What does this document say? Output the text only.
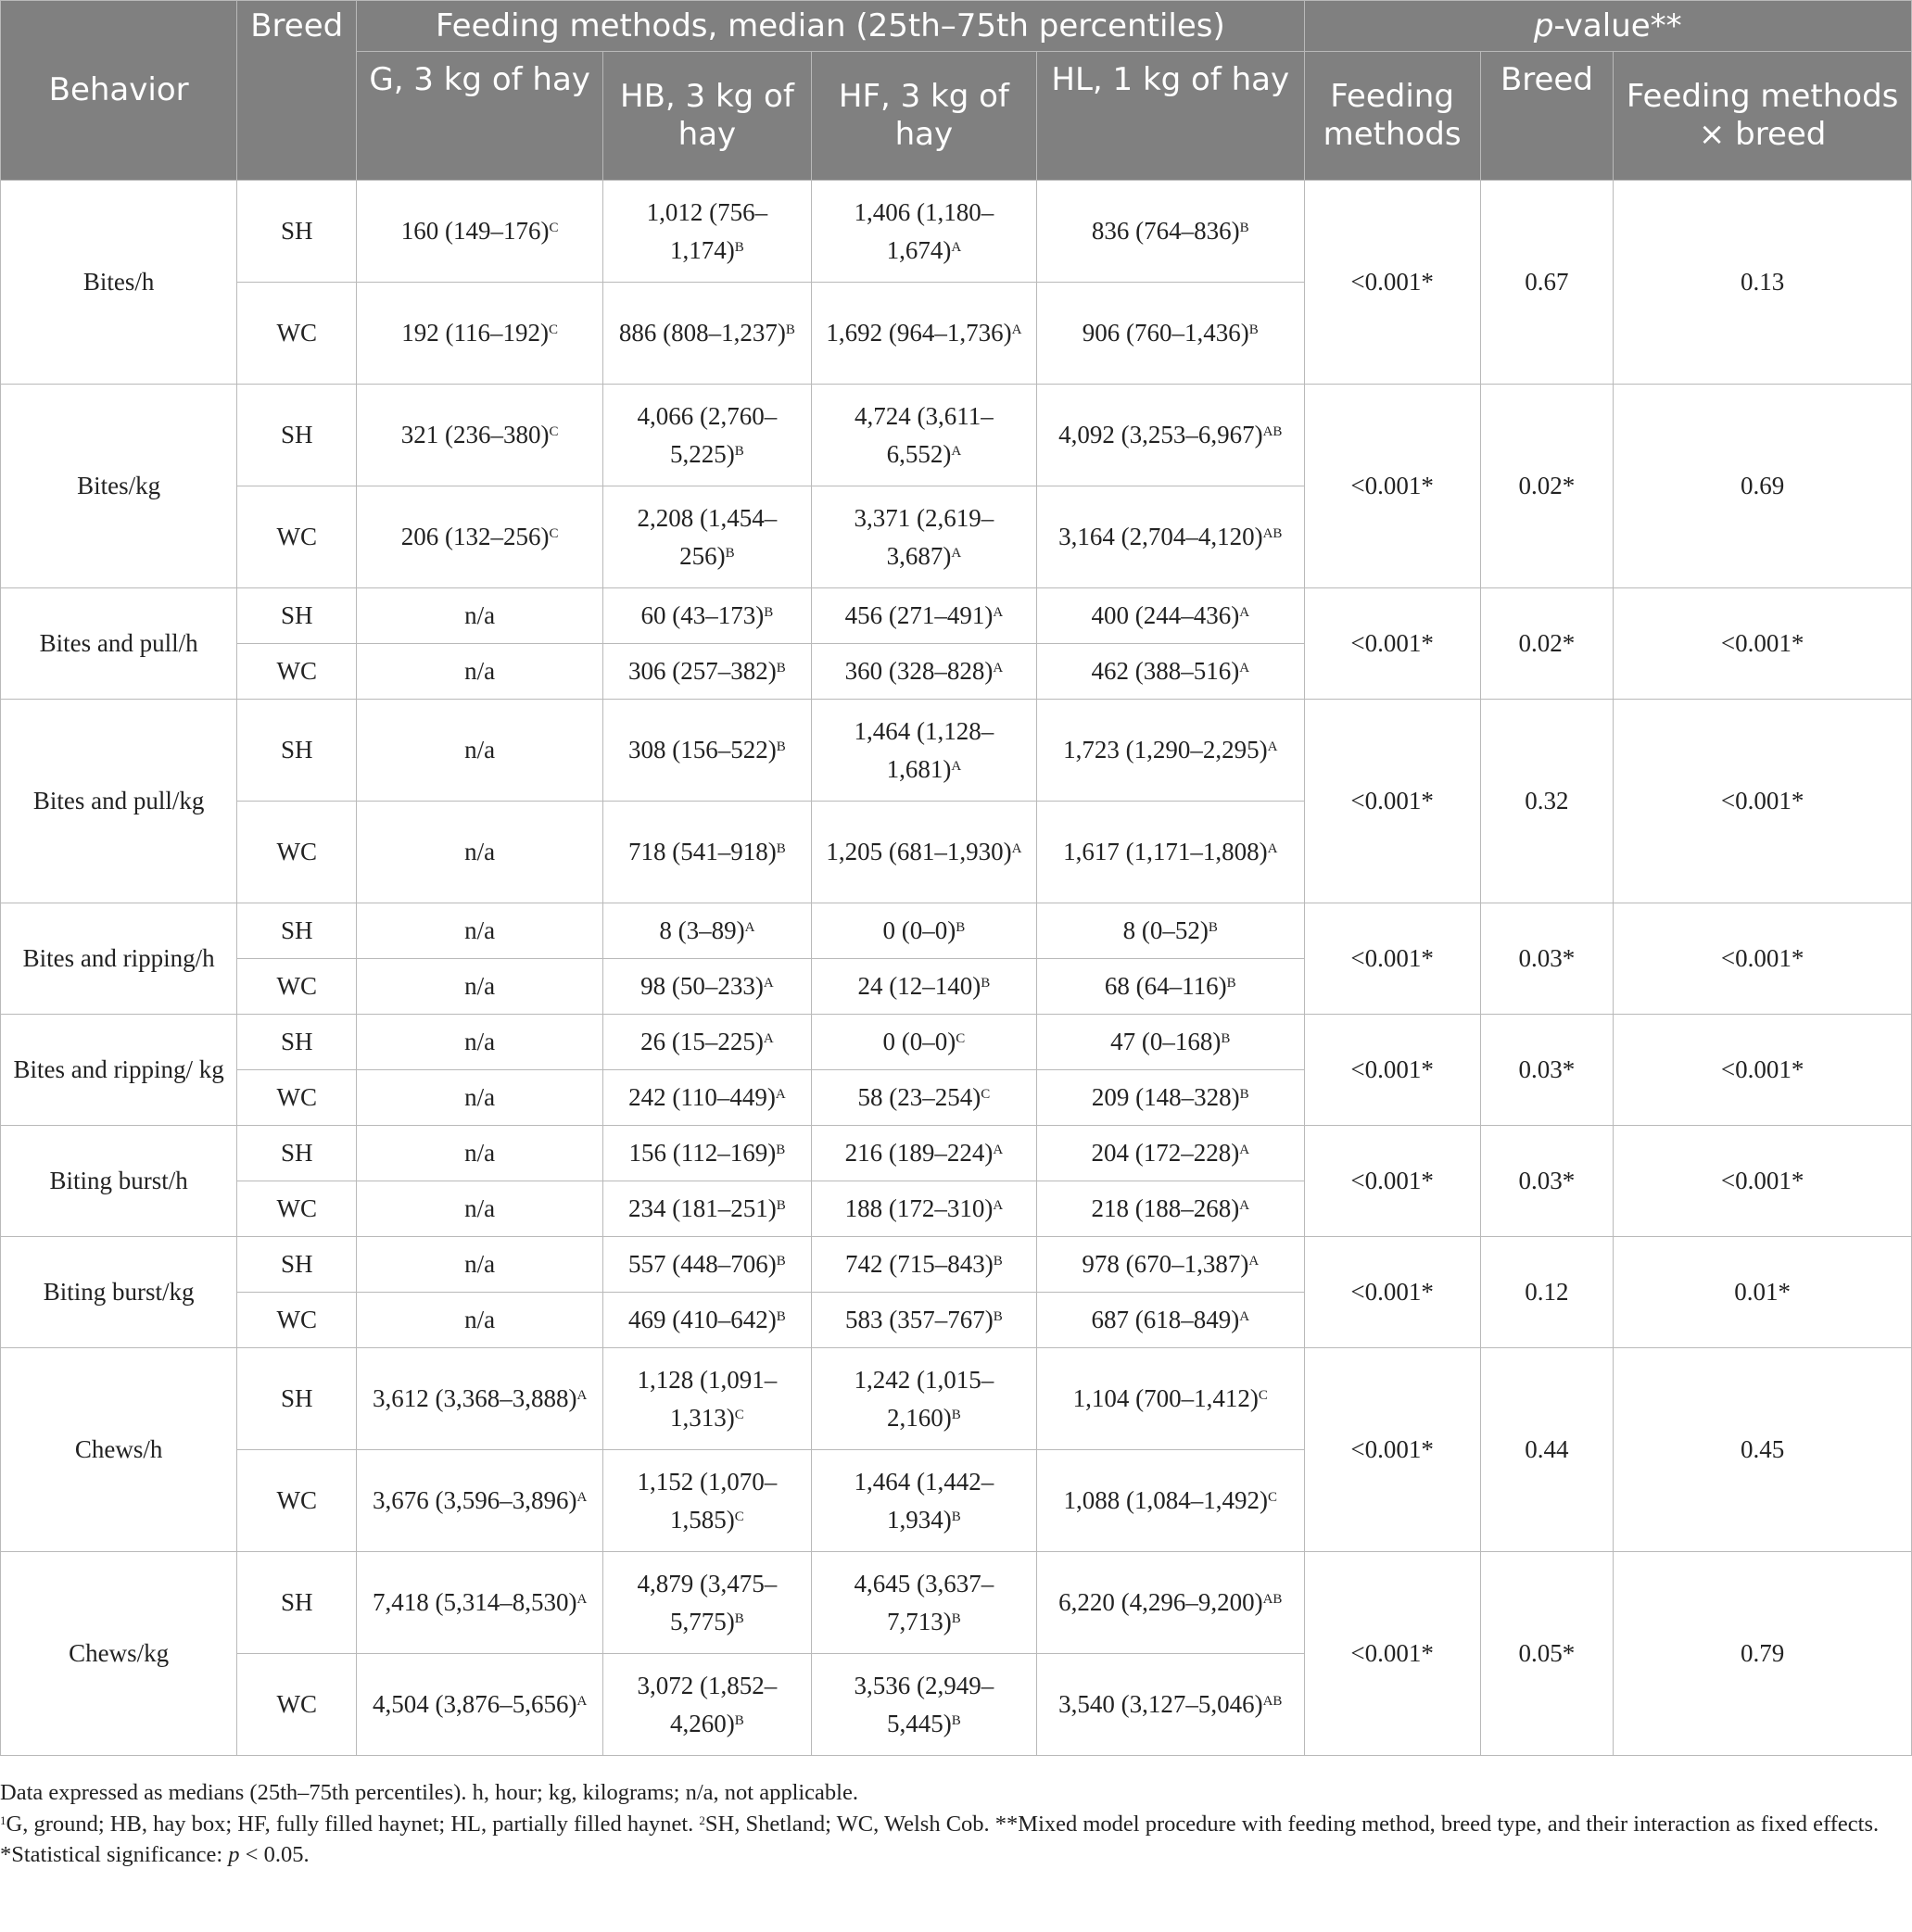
Behavior	Breed	Feeding methods, median (25th–75th percentiles)				p-value**		
		G, 3 kg of hay	HB, 3 kg of hay	HF, 3 kg of hay	HL, 1 kg of hay	Feeding methods	Breed	Feeding methods × breed
Bites/h	SH	160 $(149-176)^C$	1,012 $(756-1,174)^B$	1,406 $(1,180-1,674)^A$	836 $(764-836)^B$	<0.001*	0.67	0.13
	WC	192 $(116-192)^C$	886 $(808-1,237)^B$	1,692 $(964-1,736)^A$	906 $(760-1,436)^B$
Bites/kg	SH	321 $(236-380)^C$	4,066 $(2,760-5,225)^B$	4,724 $(3,611-6,552)^A$	4,092 $(3,253-6,967)^{AB}$	<0.001*	0.02*	0.69
	WC	206 $(132-256)^C$	2,208 $(1,454-256)^B$	3,371 $(2,619-3,687)^A$	3,164 $(2,704-4,120)^{AB}$
Bites and pull/h	SH	n/a	60 $(43-173)^B$	456 $(271-491)^A$	400 $(244-436)^A$	<0.001*	0.02*	<0.001*
	WC	n/a	306 $(257-382)^B$	360 $(328-828)^A$	462 $(388-516)^A$
Bites and pull/kg	SH	n/a	308 $(156-522)^B$	1,464 $(1,128-1,681)^A$	1,723 $(1,290-2,295)^A$	<0.001*	0.32	<0.001*
	WC	n/a	718 $(541-918)^B$	1,205 $(681-1,930)^A$	1,617 $(1,171-1,808)^A$
Bites and ripping/h	SH	n/a	8 $(3-89)^A$	0 $(0-0)^B$	8 $(0-52)^B$	<0.001*	0.03*	<0.001*
	WC	n/a	98 $(50-233)^A$	24 $(12-140)^B$	68 $(64-116)^B$
Bites and ripping/ kg	SH	n/a	26 $(15-225)^A$	0 $(0-0)^C$	47 $(0-168)^B$	<0.001*	0.03*	<0.001*
	WC	n/a	242 $(110-449)^A$	58 $(23-254)^C$	209 $(148-328)^B$
Biting burst/h	SH	n/a	156 $(112-169)^B$	216 $(189-224)^A$	204 $(172-228)^A$	<0.001*	0.03*	<0.001*
	WC	n/a	234 $(181-251)^B$	188 $(172-310)^A$	218 $(188-268)^A$
Biting burst/kg	SH	n/a	557 $(448-706)^B$	742 $(715-843)^B$	978 $(670-1,387)^A$	<0.001*	0.12	0.01*
	WC	n/a	469 $(410-642)^B$	583 $(357-767)^B$	687 $(618-849)^A$
Chews/h	SH	3,612 $(3,368-3,888)^A$	1,128 $(1,091-1,313)^C$	1,242 $(1,015-2,160)^B$	1,104 $(700-1,412)^C$	<0.001*	0.44	0.45
	WC	3,676 $(3,596-3,896)^A$	1,152 $(1,070-1,585)^C$	1,464 $(1,442-1,934)^B$	1,088 $(1,084-1,492)^C$
Chews/kg	SH	7,418 $(5,314-8,530)^A$	4,879 $(3,475-5,775)^B$	4,645 $(3,637-7,713)^B$	6,220 $(4,296-9,200)^{AB}$	<0.001*	0.05*	0.79
	WC	4,504 $(3,876-5,656)^A$	3,072 $(1,852-4,260)^B$	3,536 $(2,949-5,445)^B$	3,540 $(3,127-5,046)^{AB}$

Data expressed as medians (25th–75th percentiles). h, hour; kg, kilograms; n/a, not applicable.

$^1$G, ground; HB, hay box; HF, fully filled haynet; HL, partially filled haynet. $^2$SH, Shetland; WC, Welsh Cob. **Mixed model procedure with feeding method, breed type, and their interaction as fixed effects.

*Statistical significance: p < 0.05.
